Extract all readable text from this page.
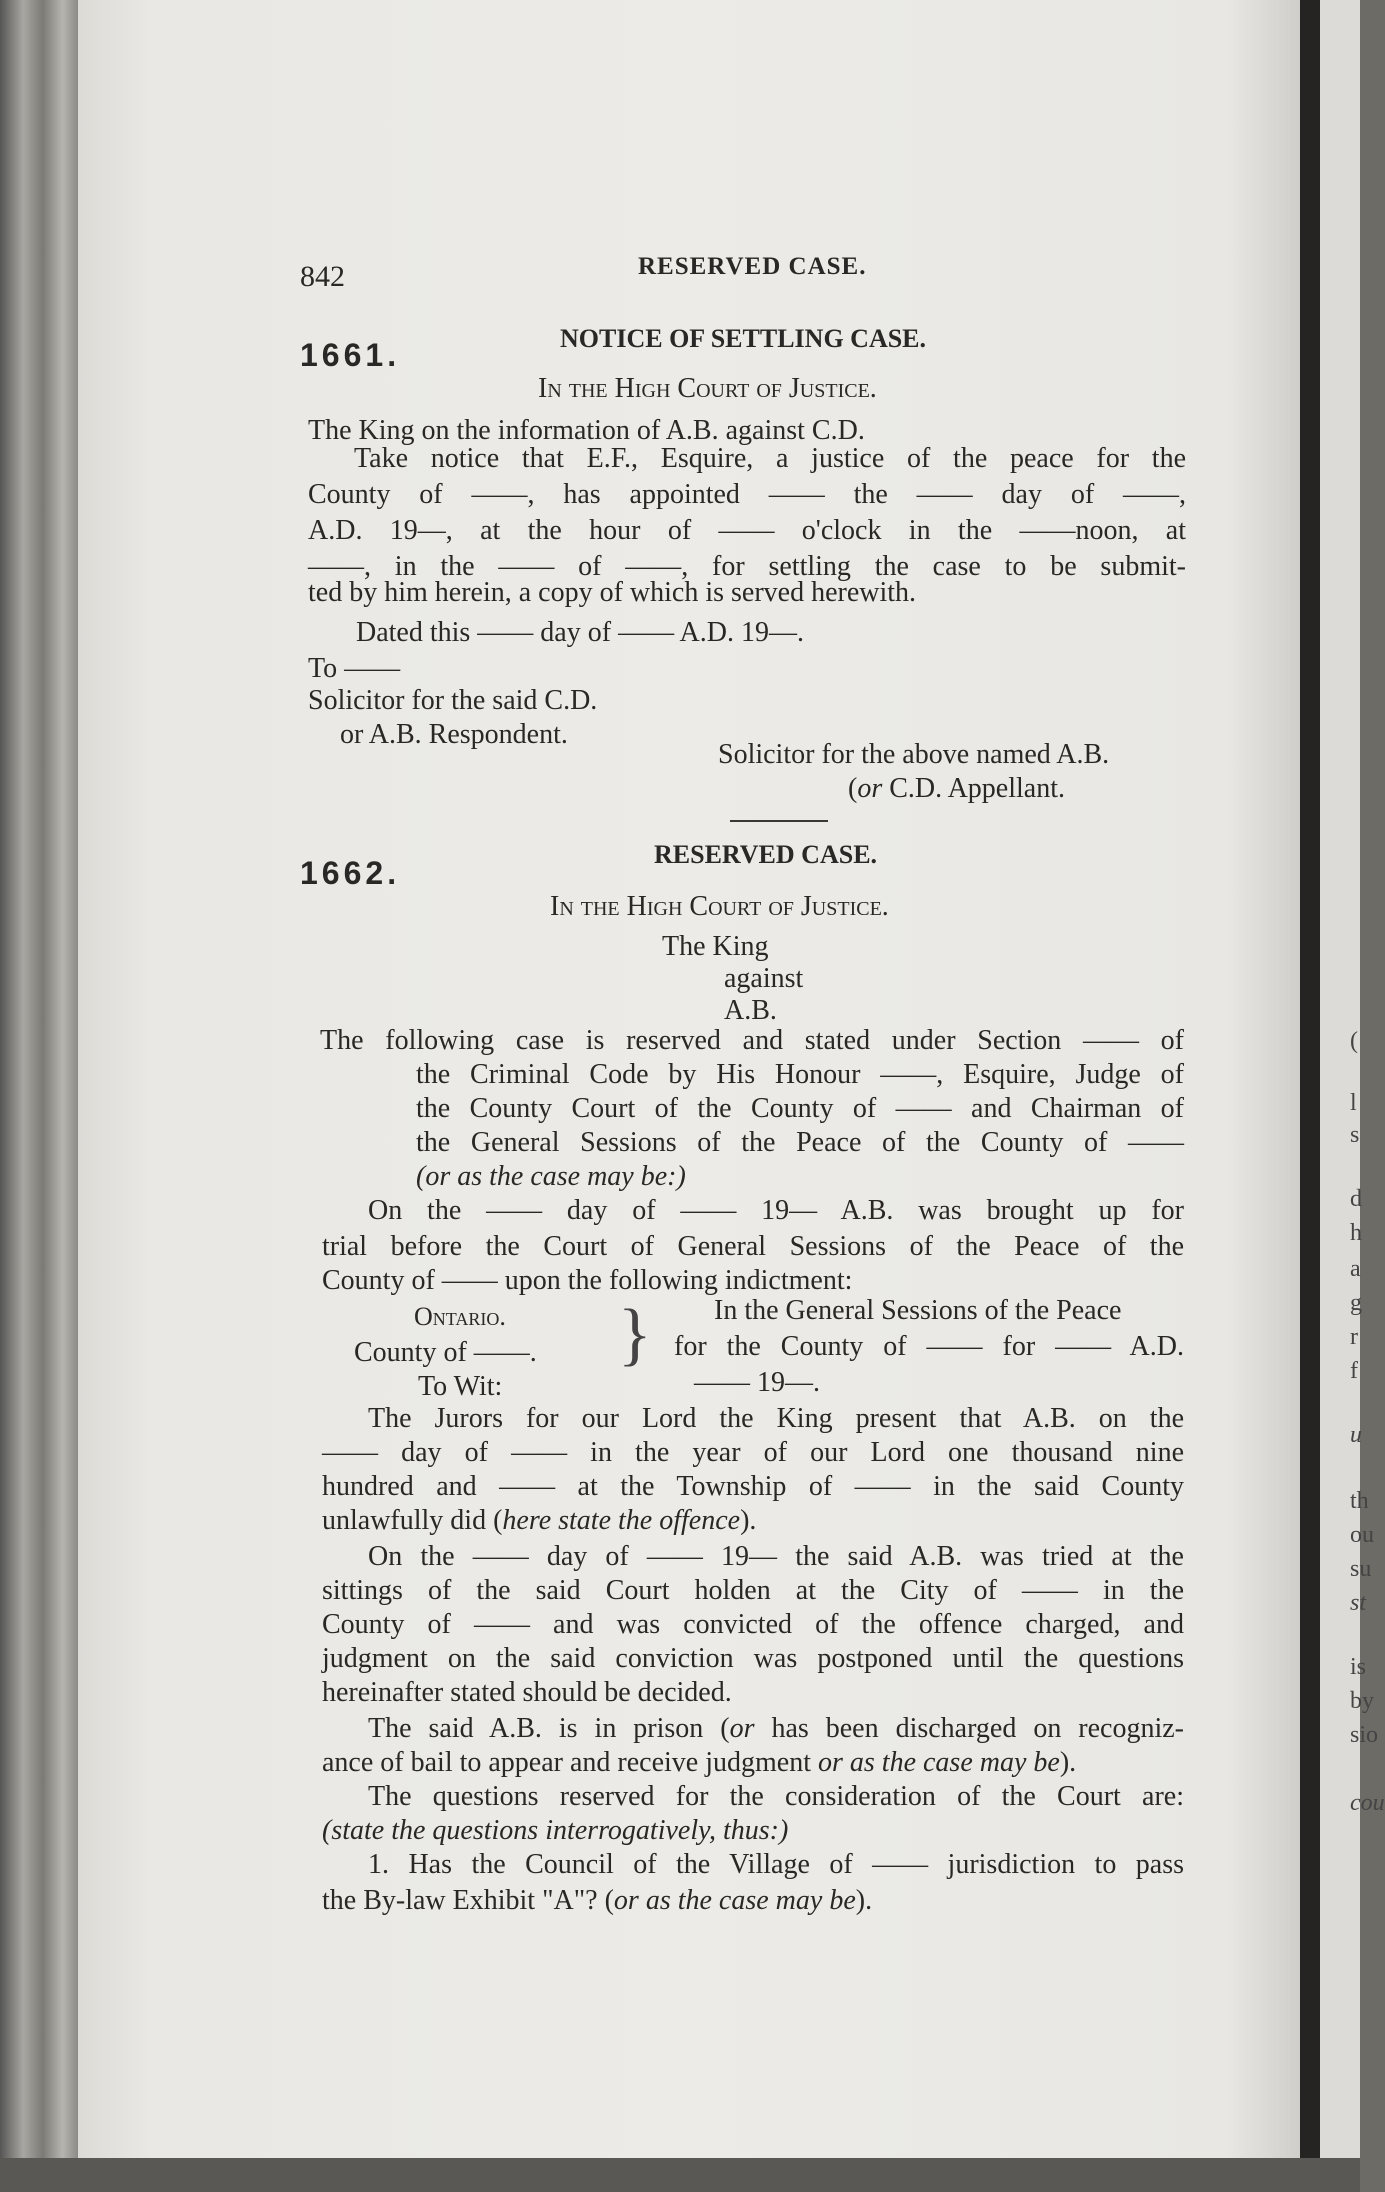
842	RESERVED CASE.
1661.	NOTICE OF SETTLING CASE.
In the High Court of Justice.
The King on the information of A.B. against C.D.
Take notice that E.F., Esquire, a justice of the peace for the
County of ——, has appointed —— the —— day of ——,
A.D. 19—, at the hour of —— o'clock in the ——noon, at
——, in the —— of ——, for settling the case to be submit-
ted by him herein, a copy of which is served herewith.
Dated this —— day of —— A.D. 19—.
To ——
Solicitor for the said C.D.
or A.B. Respondent.
Solicitor for the above named A.B.
(or C.D. Appellant.
1662.
RESERVED CASE.
In the High Court of Justice.
The King
against
A.B.
The following case is reserved and stated under Section —— of
the Criminal Code by His Honour ——, Esquire, Judge of
the County Court of the County of —— and Chairman of
the General Sessions of the Peace of the County of ——
(or as the case may be:)
On the —— day of —— 19— A.B. was brought up for
trial before the Court of General Sessions of the Peace of the
County of —— upon the following indictment:
Ontario.
County of ——.
To Wit:
} In the General Sessions of the Peace
for the County of —— for —— A.D.
—— 19—.
The Jurors for our Lord the King present that A.B. on the
—— day of —— in the year of our Lord one thousand nine
hundred and —— at the Township of —— in the said County
unlawfully did (here state the offence).
On the —— day of —— 19— the said A.B. was tried at the
sittings of the said Court holden at the City of —— in the
County of —— and was convicted of the offence charged, and
judgment on the said conviction was postponed until the questions
hereinafter stated should be decided.
The said A.B. is in prison (or has been discharged on recogniz-
ance of bail to appear and receive judgment or as the case may be).
The questions reserved for the consideration of the Court are:
(state the questions interrogatively, thus:)
1. Has the Council of the Village of —— jurisdiction to pass
the By-law Exhibit "A"? (or as the case may be).
(
l
s
d
h
a
g
r
f
u
th
ou
su
st
is
by
sio
cou
